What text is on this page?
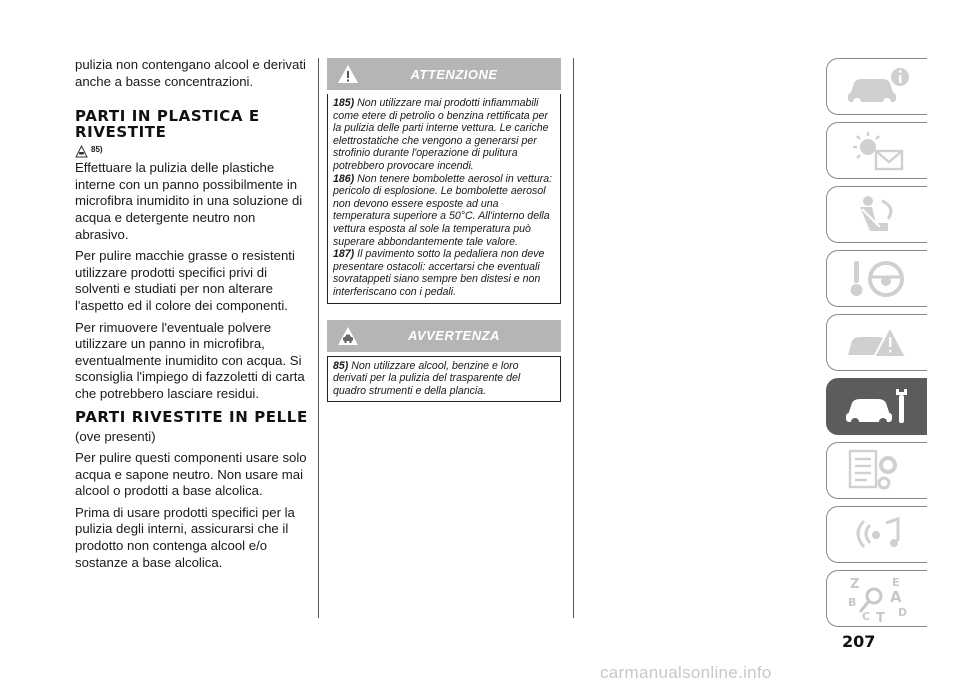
pulizia non contengano alcool e derivati anche a basse concentrazioni.

PARTI IN PLASTICA E RIVESTITE
85)

Effettuare la pulizia delle plastiche interne con un panno possibilmente in microfibra inumidito in una soluzione di acqua e detergente neutro non abrasivo.

Per pulire macchie grasse o resistenti utilizzare prodotti specifici privi di solventi e studiati per non alterare l'aspetto ed il colore dei componenti.

Per rimuovere l'eventuale polvere utilizzare un panno in microfibra, eventualmente inumidito con acqua. Si sconsiglia l'impiego di fazzoletti di carta che potrebbero lasciare residui.

PARTI RIVESTITE IN PELLE

(ove presenti)

Per pulire questi componenti usare solo acqua e sapone neutro. Non usare mai alcool o prodotti a base alcolica.

Prima di usare prodotti specifici per la pulizia degli interni, assicurarsi che il prodotto non contenga alcool e/o sostanze a base alcolica.

ATTENZIONE

185) Non utilizzare mai prodotti infiammabili come etere di petrolio o benzina rettificata per la pulizia delle parti interne vettura. Le cariche elettrostatiche che vengono a generarsi per strofinio durante l'operazione di pulitura potrebbero provocare incendi.

186) Non tenere bombolette aerosol in vettura: pericolo di esplosione. Le bombolette aerosol non devono essere esposte ad una temperatura superiore a 50°C. All'interno della vettura esposta al sole la temperatura può superare abbondantemente tale valore.

187) Il pavimento sotto la pedaliera non deve presentare ostacoli: accertarsi che eventuali sovratappeti siano sempre ben distesi e non interferiscano con i pedali.

AVVERTENZA

85) Non utilizzare alcool, benzine e loro derivati per la pulizia del trasparente del quadro strumenti e della plancia.

Z	E
A
B
C T D
207
carmanualsonline.info
